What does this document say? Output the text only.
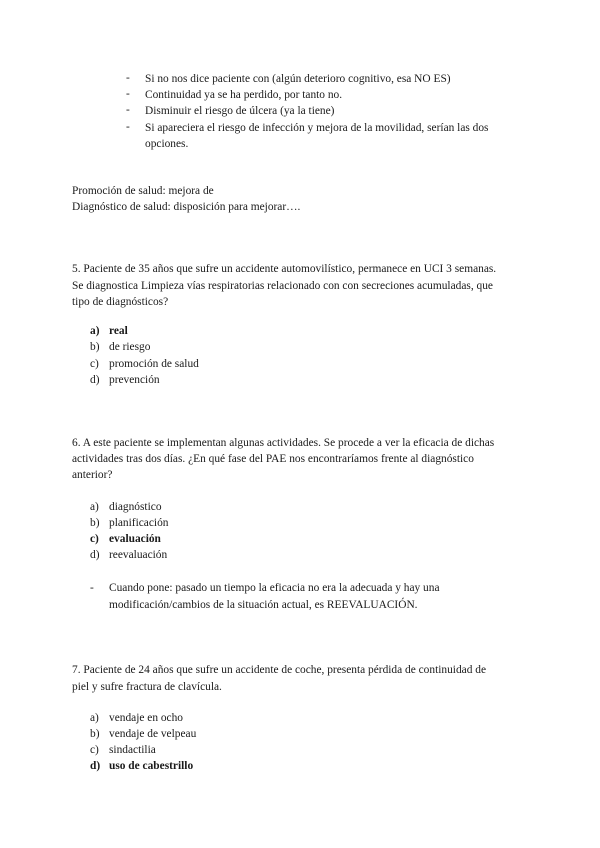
-	Si no nos dice paciente con (algún deterioro cognitivo, esa NO ES)
-	Continuidad ya se ha perdido, por tanto no.
-	Disminuir el riesgo de úlcera (ya la tiene)
-	Si apareciera el riesgo de infección y mejora de la movilidad, serían las dos
opciones.
Promoción de salud: mejora de
Diagnóstico de salud: disposición para mejorar….
5. Paciente de 35 años que sufre un accidente automovilístico, permanece en UCI 3 semanas.
Se diagnostica Limpieza vías respiratorias relacionado con con secreciones acumuladas, que
tipo de diagnósticos?
a) real
b) de riesgo
c) promoción de salud
d) prevención
6. A este paciente se implementan algunas actividades. Se procede a ver la eficacia de dichas
actividades tras dos días. ¿En qué fase del PAE nos encontraríamos frente al diagnóstico
anterior?
a) diagnóstico
b) planificación
c) evaluación
d) reevaluación
-	Cuando pone: pasado un tiempo la eficacia no era la adecuada y hay una
modificación/cambios de la situación actual, es REEVALUACIÓN.
7. Paciente de 24 años que sufre un accidente de coche, presenta pérdida de continuidad de
piel y sufre fractura de clavícula.
a) vendaje en ocho
b) vendaje de velpeau
c) sindactilia
d) uso de cabestrillo
